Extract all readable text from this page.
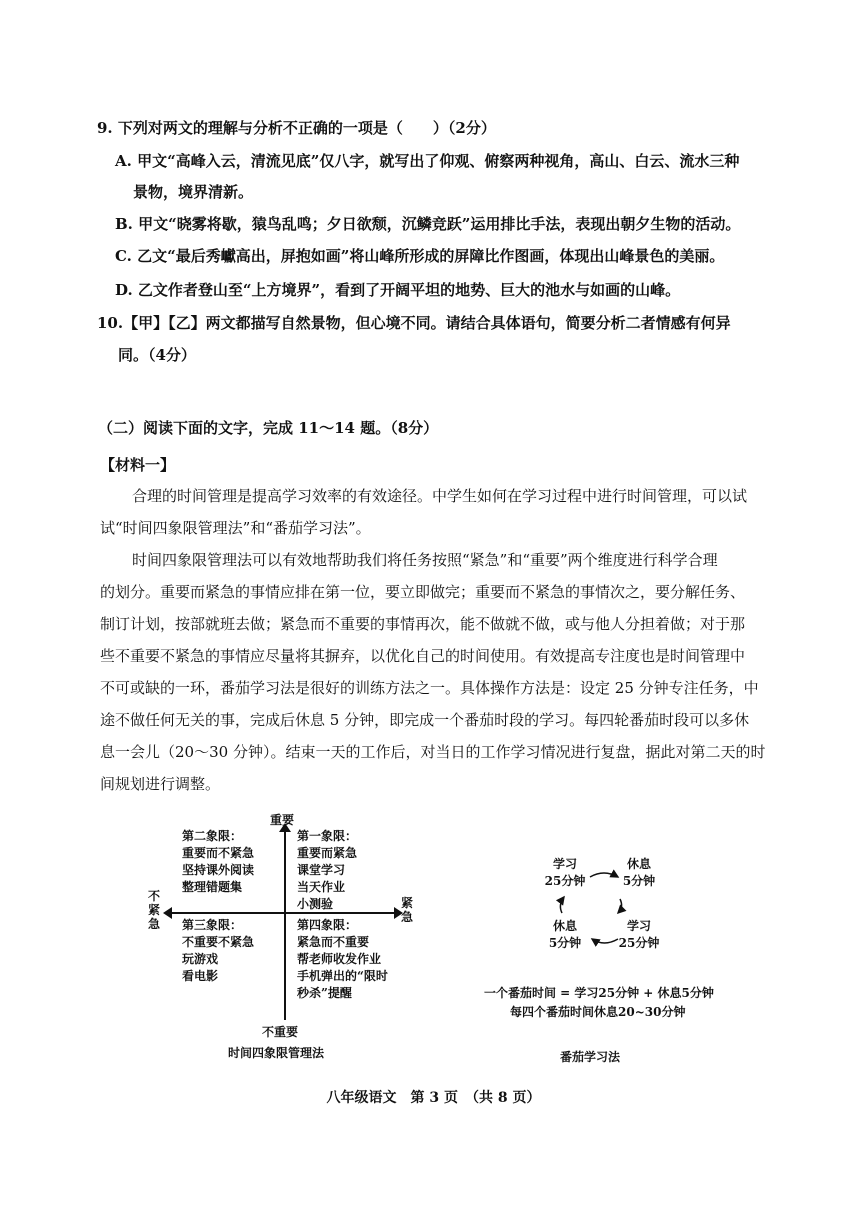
9. 下列对两文的理解与分析不正确的一项是（　　）（2分）
A. 甲文“高峰入云，清流见底”仅八字，就写出了仰观、俯察两种视角，高山、白云、流水三种
景物，境界清新。
B. 甲文“晓雾将歇，猿鸟乱鸣；夕日欲颓，沉鳞竞跃”运用排比手法，表现出朝夕生物的活动。
C. 乙文“最后秀巘高出，屏抱如画”将山峰所形成的屏障比作图画，体现出山峰景色的美丽。
D. 乙文作者登山至“上方境界”，看到了开阔平坦的地势、巨大的池水与如画的山峰。
10.【甲】【乙】两文都描写自然景物，但心境不同。请结合具体语句，简要分析二者情感有何异
同。（4分）
（二）阅读下面的文字，完成 11～14 题。（8分）
【材料一】
合理的时间管理是提高学习效率的有效途径。中学生如何在学习过程中进行时间管理，可以试
试“时间四象限管理法”和“番茄学习法”。
时间四象限管理法可以有效地帮助我们将任务按照“紧急”和“重要”两个维度进行科学合理
的划分。重要而紧急的事情应排在第一位，要立即做完；重要而不紧急的事情次之，要分解任务、
制订计划，按部就班去做；紧急而不重要的事情再次，能不做就不做，或与他人分担着做；对于那
些不重要不紧急的事情应尽量将其摒弃，以优化自己的时间使用。有效提高专注度也是时间管理中
不可或缺的一环，番茄学习法是很好的训练方法之一。具体操作方法是：设定 25 分钟专注任务，中
途不做任何无关的事，完成后休息 5 分钟，即完成一个番茄时段的学习。每四轮番茄时段可以多休
息一会儿（20～30 分钟）。结束一天的工作后，对当日的工作学习情况进行复盘，据此对第二天的时
间规划进行调整。
重要
不重要
不紧急
紧急
第二象限：
重要而不紧急
坚持课外阅读
整理错题集
第一象限：
重要而紧急
课堂学习
当天作业
小测验
第三象限：
不重要不紧急
玩游戏
看电影
第四象限：
紧急而不重要
帮老师收发作业
手机弹出的“限时
秒杀”提醒
时间四象限管理法
学习
25分钟
休息
5分钟
学习
25分钟
休息
5分钟
一个番茄时间 = 学习25分钟 + 休息5分钟
每四个番茄时间休息20~30分钟
番茄学习法
八年级语文　第 3 页　（共 8 页）
